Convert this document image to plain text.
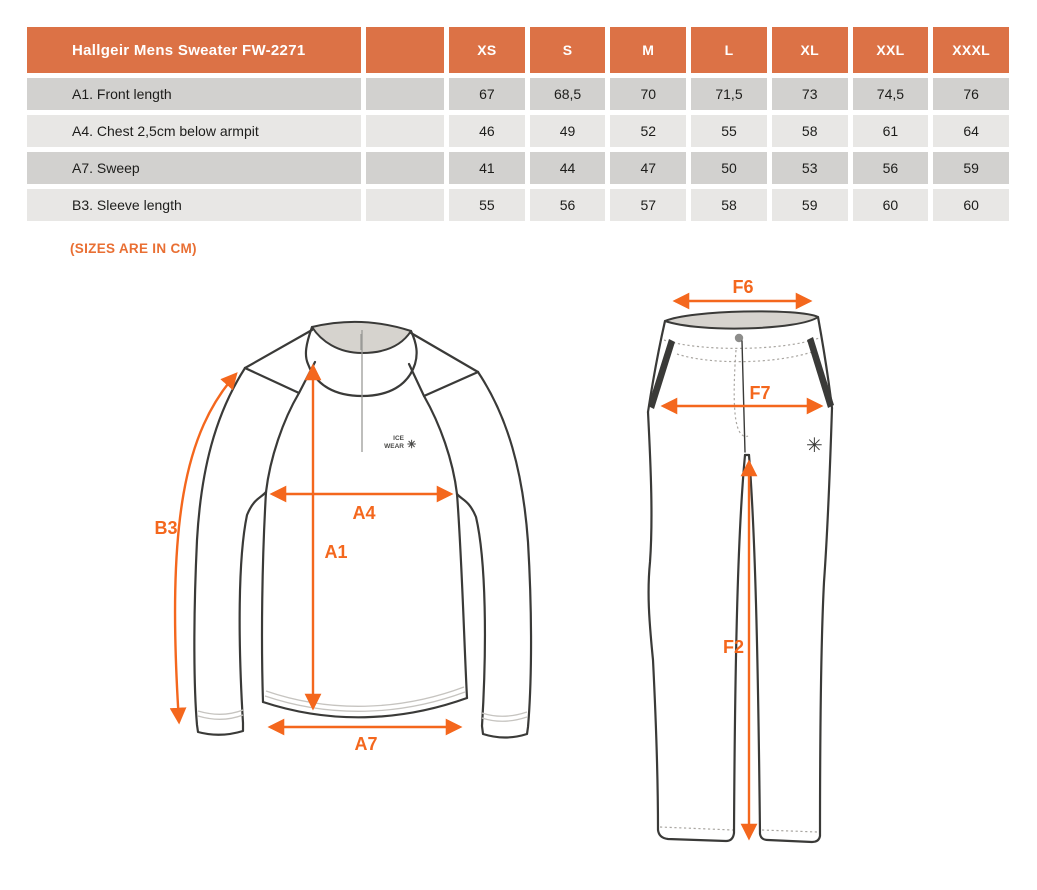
Hallgeir Mens Sweater FW-2271	XS	S	M	L	XL	XXL	XXXL
A1. Front length	67	68,5	70	71,5	73	74,5	76
A4. Chest 2,5cm below armpit	46	49	52	55	58	61	64
A7. Sweep	41	44	47	50	53	56	59
B3. Sleeve length	55	56	57	58	59	60	60
(SIZES ARE IN CM)
ICE
WEAR ✳
B3
A4
A1
A7
✳
F6
F7
F2
